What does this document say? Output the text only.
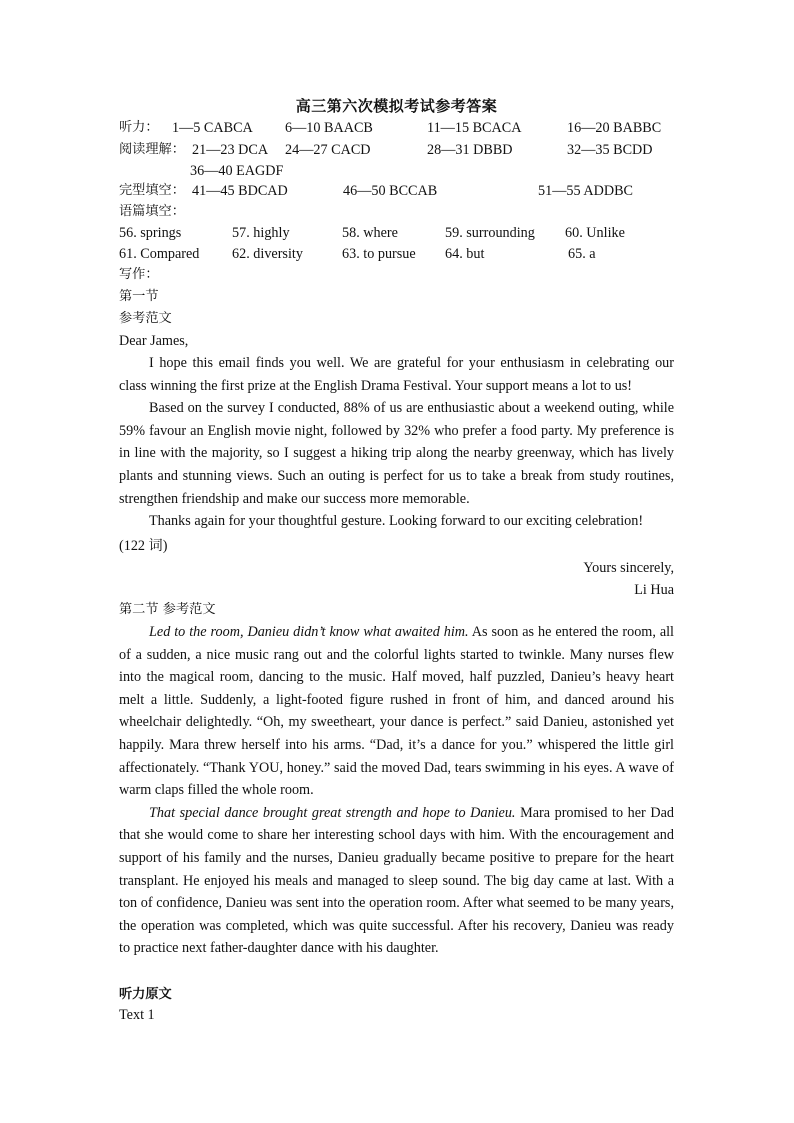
高三第六次模拟考试参考答案
听力： 1—5 CABCA 6—10 BAACB	11—15 BCACA	16—20 BABBC
阅读理解： 21—23 DCA 24—27 CACD	28—31 DBBD	32—35 BCDD
36—40 EAGDF
完型填空： 41—45 BDCAD	46—50 BCCAB	51—55 ADDBC
语篇填空：
56. springs	57. highly	58. where	59. surrounding 60. Unlike
61. Compared 62. diversity	63. to pursue 64. but	65. a
写作：
第一节
参考范文
Dear James,

I hope this email finds you well. We are grateful for your enthusiasm in celebrating our class winning the first prize at the English Drama Festival. Your support means a lot to us!

Based on the survey I conducted, 88% of us are enthusiastic about a weekend outing, while 59% favour an English movie night, followed by 32% who prefer a food party. My preference is in line with the majority, so I suggest a hiking trip along the nearby greenway, which has lively plants and stunning views. Such an outing is perfect for us to take a break from study routines, strengthen friendship and make our success more memorable.

Thanks again for your thoughtful gesture. Looking forward to our exciting celebration!

(122 词)
Yours sincerely,
Li Hua
第二节 参考范文

Led to the room, Danieu didn’t know what awaited him. As soon as he entered the room, all of a sudden, a nice music rang out and the colorful lights started to twinkle. Many nurses flew into the magical room, dancing to the music. Half moved, half puzzled, Danieu’s heavy heart melt a little. Suddenly, a light-footed figure rushed in front of him, and danced around his wheelchair delightedly. “Oh, my sweetheart, your dance is perfect.” said Danieu, astonished yet happily. Mara threw herself into his arms. “Dad, it’s a dance for you.” whispered the little girl affectionately. “Thank YOU, honey.” said the moved Dad, tears swimming in his eyes. A wave of warm claps filled the whole room.

That special dance brought great strength and hope to Danieu. Mara promised to her Dad that she would come to share her interesting school days with him. With the encouragement and support of his family and the nurses, Danieu gradually became positive to prepare for the heart transplant. He enjoyed his meals and managed to sleep sound. The big day came at last. With a ton of confidence, Danieu was sent into the operation room. After what seemed to be many years, the operation was completed, which was quite successful. After his recovery, Danieu was ready to practice next father-daughter dance with his daughter.

听力原文
Text 1
